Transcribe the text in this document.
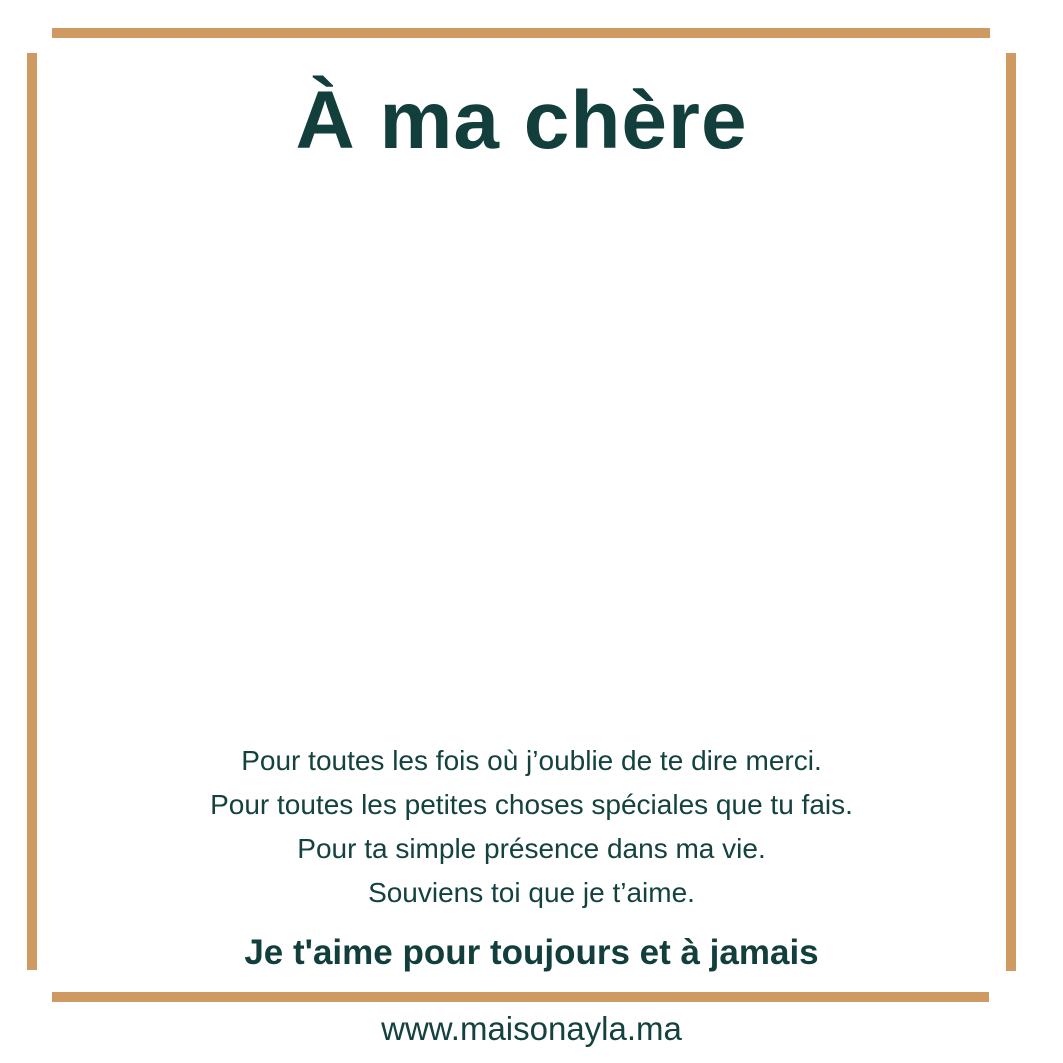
À ma chère
Pour toutes les fois où j’oublie de te dire merci.
Pour toutes les petites choses spéciales que tu fais.
Pour ta simple présence dans ma vie.
Souviens toi que je t’aime.
Je t'aime pour toujours et à jamais
www.maisonayla.ma
